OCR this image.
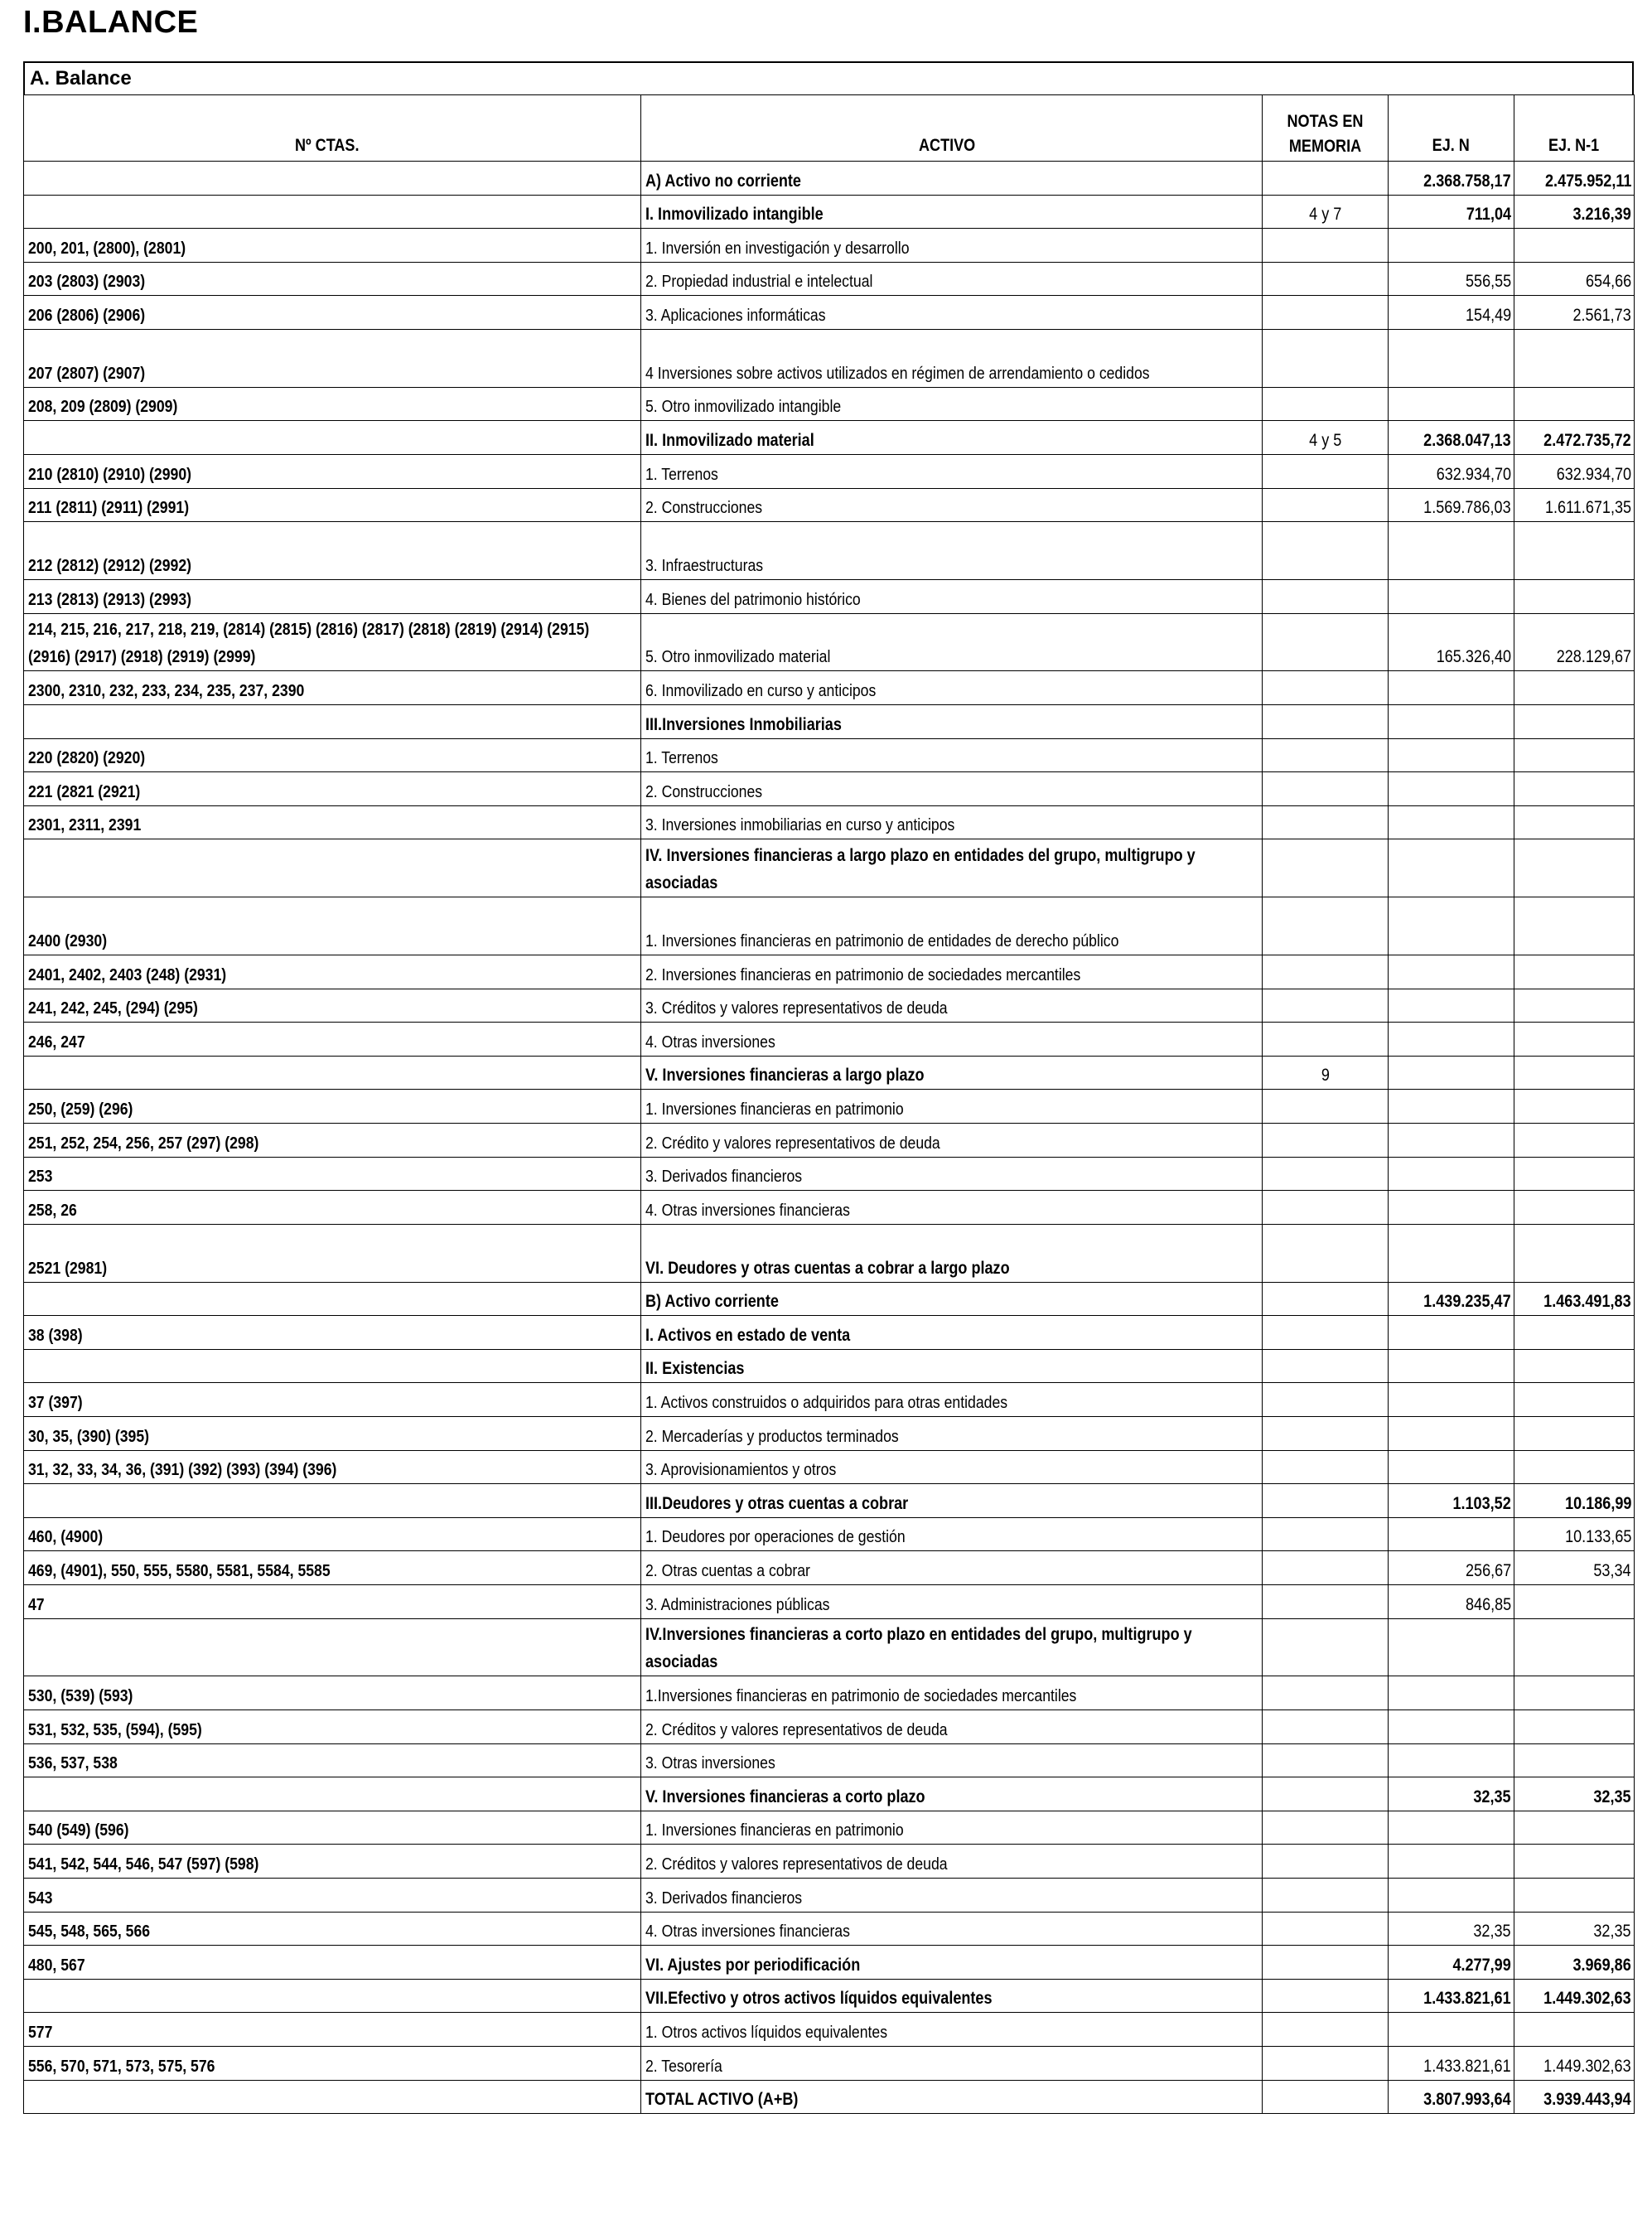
I.BALANCE
A. Balance
Nº CTAS.	ACTIVO	NOTAS EN MEMORIA	EJ. N	EJ. N-1

	A) Activo no corriente		2.368.758,17	2.475.952,11

	I. Inmovilizado intangible	4 y 7	711,04	3.216,39

200, 201, (2800), (2801)	1. Inversión en investigación y desarrollo			

203 (2803) (2903)	2. Propiedad industrial e intelectual		556,55	654,66

206 (2806) (2906)	3. Aplicaciones informáticas		154,49	2.561,73

207 (2807) (2907)	4 Inversiones sobre activos utilizados en régimen de arrendamiento o cedidos			

208, 209 (2809) (2909)	5. Otro inmovilizado intangible			

	II. Inmovilizado material	4 y 5	2.368.047,13	2.472.735,72

210 (2810) (2910) (2990)	1. Terrenos		632.934,70	632.934,70

211 (2811) (2911) (2991)	2. Construcciones		1.569.786,03	1.611.671,35

212 (2812) (2912) (2992)	3. Infraestructuras			

213 (2813) (2913) (2993)	4. Bienes del patrimonio histórico			

214, 215, 216, 217, 218, 219, (2814) (2815) (2816) (2817) (2818) (2819) (2914) (2915) (2916) (2917) (2918) (2919) (2999)	5. Otro inmovilizado material		165.326,40	228.129,67

2300, 2310, 232, 233, 234, 235, 237, 2390	6. Inmovilizado en curso y anticipos			

	III.Inversiones Inmobiliarias			

220 (2820) (2920)	1. Terrenos			

221 (2821 (2921)	2. Construcciones			

2301, 2311, 2391	3. Inversiones inmobiliarias en curso y anticipos			

	IV. Inversiones financieras a largo plazo en entidades del grupo, multigrupo y asociadas			

2400 (2930)	1. Inversiones financieras en patrimonio de entidades de derecho público			

2401, 2402, 2403 (248) (2931)	2. Inversiones financieras en patrimonio de sociedades mercantiles			

241, 242, 245, (294) (295)	3. Créditos y valores representativos de deuda			

246, 247	4. Otras inversiones			

	V. Inversiones financieras a largo plazo	9		

250, (259) (296)	1. Inversiones financieras en patrimonio			

251, 252, 254, 256, 257 (297) (298)	2. Crédito y valores representativos de deuda			

253	3. Derivados financieros			

258, 26	4. Otras inversiones financieras			

2521 (2981)	VI. Deudores y otras cuentas a cobrar a largo plazo			

	B) Activo corriente		1.439.235,47	1.463.491,83

38 (398)	I. Activos en estado de venta			

	II. Existencias			

37 (397)	1. Activos construidos o adquiridos para otras entidades			

30, 35, (390) (395)	2. Mercaderías y productos terminados			

31, 32, 33, 34, 36, (391) (392) (393) (394) (396)	3. Aprovisionamientos y otros			

	III.Deudores y otras cuentas a cobrar		1.103,52	10.186,99

460, (4900)	1. Deudores por operaciones de gestión			10.133,65

469, (4901), 550, 555, 5580, 5581, 5584, 5585	2. Otras cuentas a cobrar		256,67	53,34

47	3. Administraciones públicas		846,85	

	IV.Inversiones financieras a corto plazo en entidades del grupo, multigrupo y asociadas			

530, (539) (593)	1.Inversiones financieras en patrimonio de sociedades mercantiles			

531, 532, 535, (594), (595)	2. Créditos y valores representativos de deuda			

536, 537, 538	3. Otras inversiones			

	V. Inversiones financieras a corto plazo		32,35	32,35

540 (549) (596)	1. Inversiones financieras en patrimonio			

541, 542, 544, 546, 547 (597) (598)	2. Créditos y valores representativos de deuda			

543	3. Derivados financieros			

545, 548, 565, 566	4. Otras inversiones financieras		32,35	32,35

480, 567	VI. Ajustes por periodificación		4.277,99	3.969,86

	VII.Efectivo y otros activos líquidos equivalentes		1.433.821,61	1.449.302,63

577	1. Otros activos líquidos equivalentes			

556, 570, 571, 573, 575, 576	2. Tesorería		1.433.821,61	1.449.302,63

	TOTAL ACTIVO (A+B)		3.807.993,64	3.939.443,94
